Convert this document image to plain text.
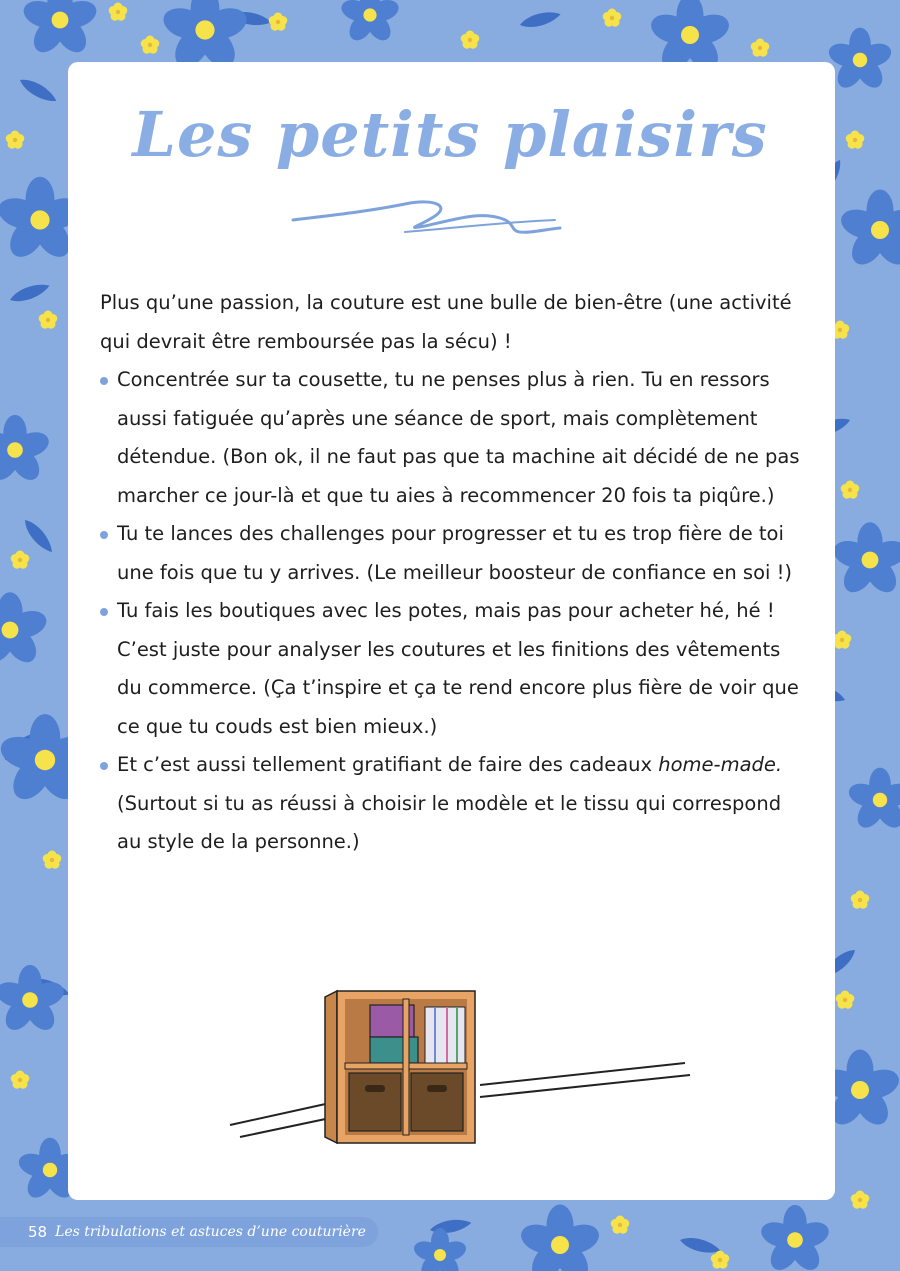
Les petits plaisirs

Plus qu’une passion, la couture est une bulle de bien-être (une activité qui devrait être remboursée pas la sécu) !

Concentrée sur ta cousette, tu ne penses plus à rien. Tu en ressors aussi fatiguée qu’après une séance de sport, mais complètement détendue. (Bon ok, il ne faut pas que ta machine ait décidé de ne pas marcher ce jour-là et que tu aies à recommencer 20 fois ta piqûre.)
Tu te lances des challenges pour progresser et tu es trop fière de toi une fois que tu y arrives. (Le meilleur boosteur de confiance en soi !)
Tu fais les boutiques avec les potes, mais pas pour acheter hé, hé ! C’est juste pour analyser les coutures et les finitions des vêtements du commerce. (Ça t’inspire et ça te rend encore plus fière de voir que ce que tu couds est bien mieux.)
Et c’est aussi tellement gratifiant de faire des cadeaux home-made. (Surtout si tu as réussi à choisir le modèle et le tissu qui correspond au style de la personne.)
58 Les tribulations et astuces d’une couturière
